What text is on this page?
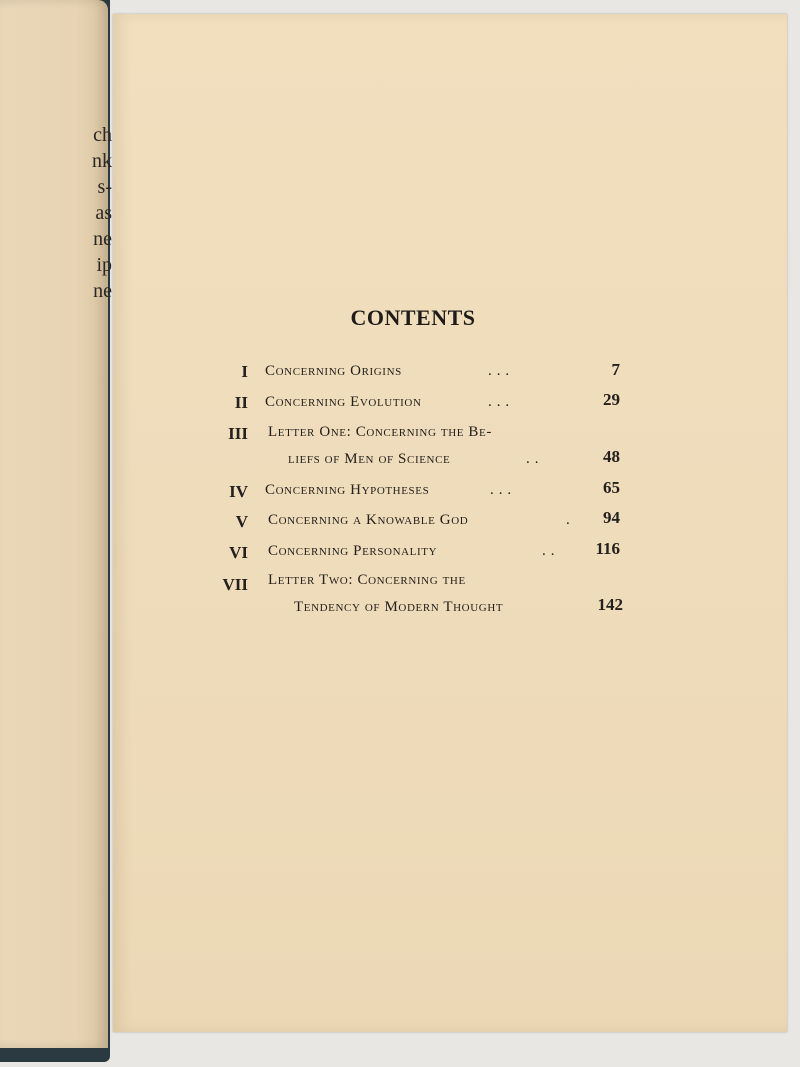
ch
nk
s-
as
ne
ip
ne
CONTENTS
I Concerning Origins	. . .	7
II Concerning Evolution	. . .	29
III Letter One: Concerning the Be-
liefs of Men of Science	. .	48
IV Concerning Hypotheses	. . .	65
V Concerning a Knowable God	.	94
VI Concerning Personality	. .	116
VII Letter Two: Concerning the
Tendency of Modern Thought	142
